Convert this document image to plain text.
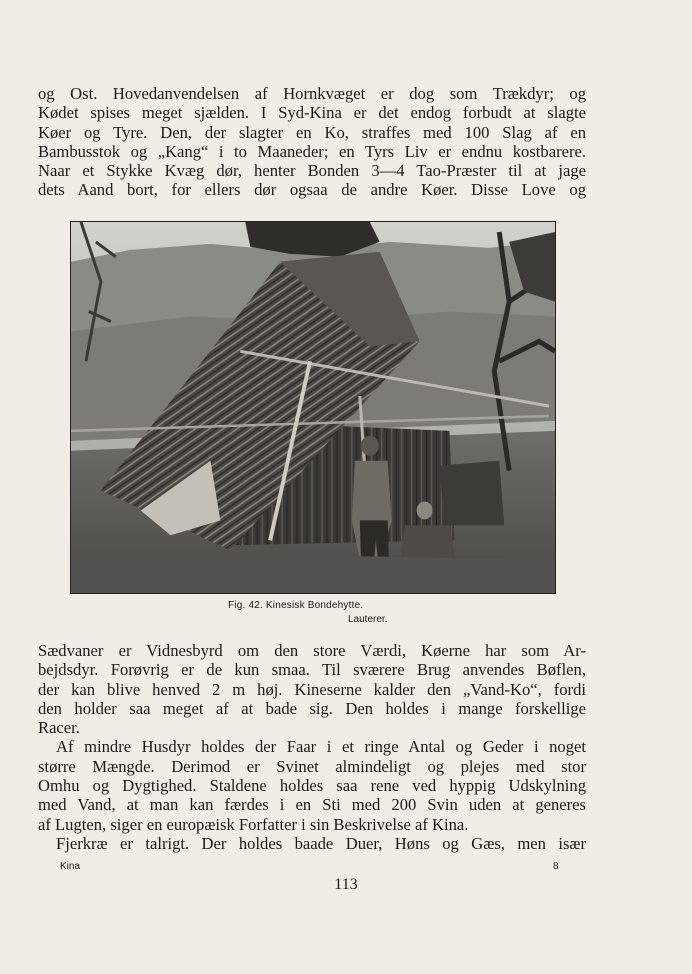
og Ost. Hovedanvendelsen af Hornkvæget er dog som Trækdyr; og
Kødet spises meget sjælden. I Syd-Kina er det endog forbudt at slagte
Køer og Tyre. Den, der slagter en Ko, straffes med 100 Slag af en
Bambusstok og „Kang“ i to Maaneder; en Tyrs Liv er endnu kostbarere.
Naar et Stykke Kvæg dør, henter Bonden 3—4 Tao-Præster til at jage
dets Aand bort, for ellers dør ogsaa de andre Køer. Disse Love og
Fig. 42. Kinesisk Bondehytte.
Lauterer.
Sædvaner er Vidnesbyrd om den store Værdi, Køerne har som Ar-
bejdsdyr. Forøvrig er de kun smaa. Til sværere Brug anvendes Bøflen,
der kan blive henved 2 m høj. Kineserne kalder den „Vand-Ko“, fordi
den holder saa meget af at bade sig. Den holdes i mange forskellige
Racer.
Af mindre Husdyr holdes der Faar i et ringe Antal og Geder i noget
større Mængde. Derimod er Svinet almindeligt og plejes med stor
Omhu og Dygtighed. Staldene holdes saa rene ved hyppig Udskylning
med Vand, at man kan færdes i en Sti med 200 Svin uden at generes
af Lugten, siger en europæisk Forfatter i sin Beskrivelse af Kina.
Fjerkræ er talrigt. Der holdes baade Duer, Høns og Gæs, men især
Kina	8
113
